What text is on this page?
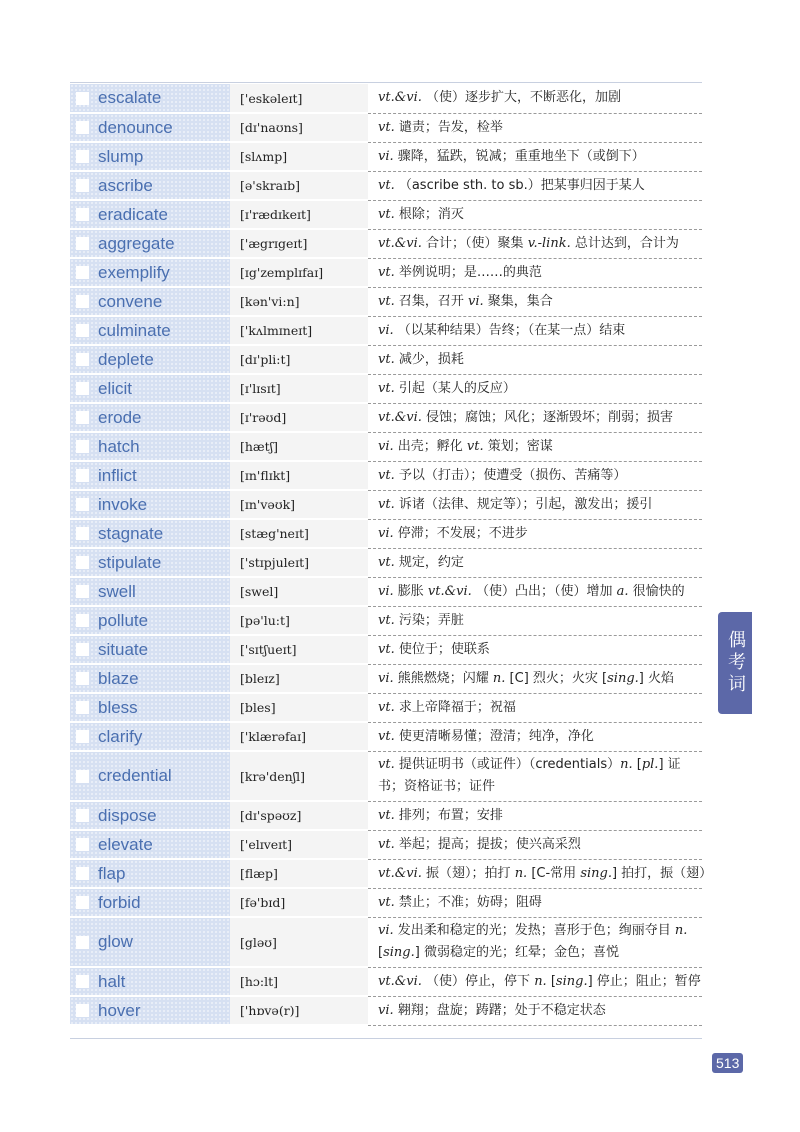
escalate	['eskəleɪt]	vt.&vi. （使）逐步扩大，不断恶化，加剧
denounce	[dɪ'naʊns]	vt. 谴责；告发，检举
slump	[slʌmp]	vi. 骤降，猛跌，锐减；重重地坐下（或倒下）
ascribe	[ə'skraɪb]	vt. （ascribe sth. to sb.）把某事归因于某人
eradicate	[ɪ'rædɪkeɪt]	vt. 根除；消灭
aggregate	['ægrɪgeɪt]	vt.&vi. 合计；（使）聚集 v.-link. 总计达到，合计为
exemplify	[ɪg'zemplɪfaɪ]	vt. 举例说明；是……的典范
convene	[kən'vi:n]	vt. 召集，召开 vi. 聚集，集合
culminate	['kʌlmɪneɪt]	vi. （以某种结果）告终；（在某一点）结束
deplete	[dɪ'pli:t]	vt. 减少，损耗
elicit	[ɪ'lɪsɪt]	vt. 引起（某人的反应）
erode	[ɪ'rəʊd]	vt.&vi. 侵蚀；腐蚀；风化；逐渐毁坏；削弱；损害
hatch	[hætʃ]	vi. 出壳；孵化 vt. 策划；密谋
inflict	[ɪn'flɪkt]	vt. 予以（打击）；使遭受（损伤、苦痛等）
invoke	[ɪn'vəʊk]	vt. 诉诸（法律、规定等）；引起，激发出；援引
stagnate	[stæg'neɪt]	vi. 停滞；不发展；不进步
stipulate	['stɪpjuleɪt]	vt. 规定，约定
swell	[swel]	vi. 膨胀 vt.&vi. （使）凸出；（使）增加 a. 很愉快的
pollute	[pə'lu:t]	vt. 污染；弄脏
situate	['sɪtʃueɪt]	vt. 使位于；使联系
blaze	[bleɪz]	vi. 熊熊燃烧；闪耀 n. [C] 烈火；火灾 [sing.] 火焰
bless	[bles]	vt. 求上帝降福于；祝福
clarify	['klærəfaɪ]	vt. 使更清晰易懂；澄清；纯净，净化
credential	[krə'denʃl]	vt. 提供证明书（或证件）（credentials）n. [pl.] 证书；资格证书；证件
dispose	[dɪ'spəʊz]	vt. 排列；布置；安排
elevate	['elɪveɪt]	vt. 举起；提高；提拔；使兴高采烈
flap	[flæp]	vt.&vi. 振（翅）；拍打 n. [C-常用 sing.] 拍打，振（翅）
forbid	[fə'bɪd]	vt. 禁止；不准；妨碍；阻碍
glow	[gləʊ]	vi. 发出柔和稳定的光；发热；喜形于色；绚丽夺目 n. [sing.] 微弱稳定的光；红晕；金色；喜悦
halt	[hɔ:lt]	vt.&vi. （使）停止，停下 n. [sing.] 停止；阻止；暂停
hover	['hɒvə(r)]	vi. 翱翔；盘旋；踌躇；处于不稳定状态
偶考词
513
